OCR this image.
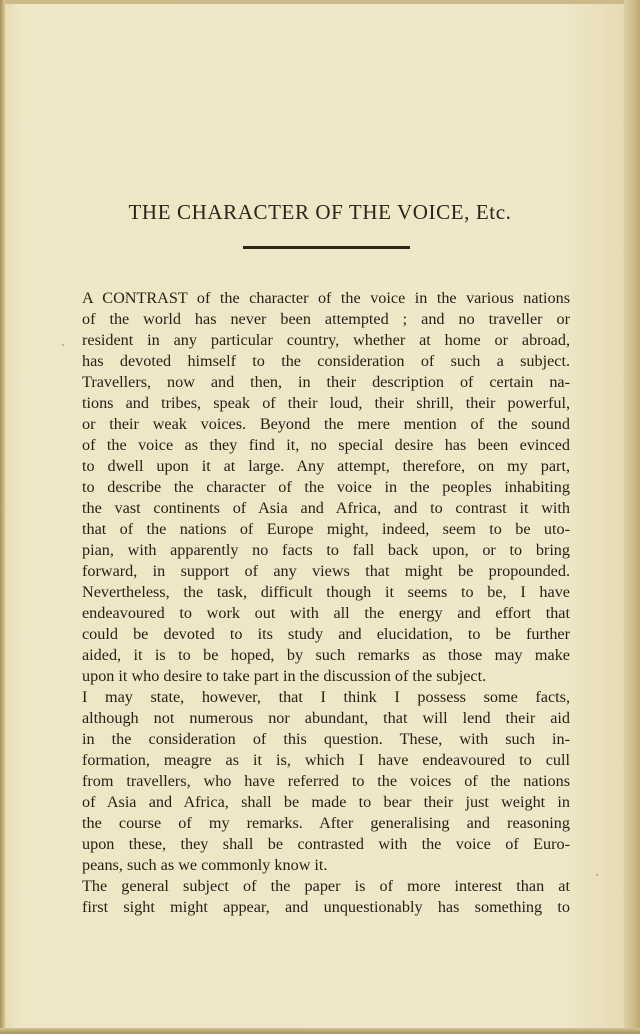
THE CHARACTER OF THE VOICE, Etc.
A CONTRAST of the character of the voice in the various nations
of the world has never been attempted ; and no traveller or
resident in any particular country, whether at home or abroad,
has devoted himself to the consideration of such a subject.
Travellers, now and then, in their description of certain na-
tions and tribes, speak of their loud, their shrill, their powerful,
or their weak voices. Beyond the mere mention of the sound
of the voice as they find it, no special desire has been evinced
to dwell upon it at large. Any attempt, therefore, on my part,
to describe the character of the voice in the peoples inhabiting
the vast continents of Asia and Africa, and to contrast it with
that of the nations of Europe might, indeed, seem to be uto-
pian, with apparently no facts to fall back upon, or to bring
forward, in support of any views that might be propounded.
Nevertheless, the task, difficult though it seems to be, I have
endeavoured to work out with all the energy and effort that
could be devoted to its study and elucidation, to be further
aided, it is to be hoped, by such remarks as those may make
upon it who desire to take part in the discussion of the subject.
I may state, however, that I think I possess some facts,
although not numerous nor abundant, that will lend their aid
in the consideration of this question. These, with such in-
formation, meagre as it is, which I have endeavoured to cull
from travellers, who have referred to the voices of the nations
of Asia and Africa, shall be made to bear their just weight in
the course of my remarks. After generalising and reasoning
upon these, they shall be contrasted with the voice of Euro-
peans, such as we commonly know it.
The general subject of the paper is of more interest than at
first sight might appear, and unquestionably has something to
